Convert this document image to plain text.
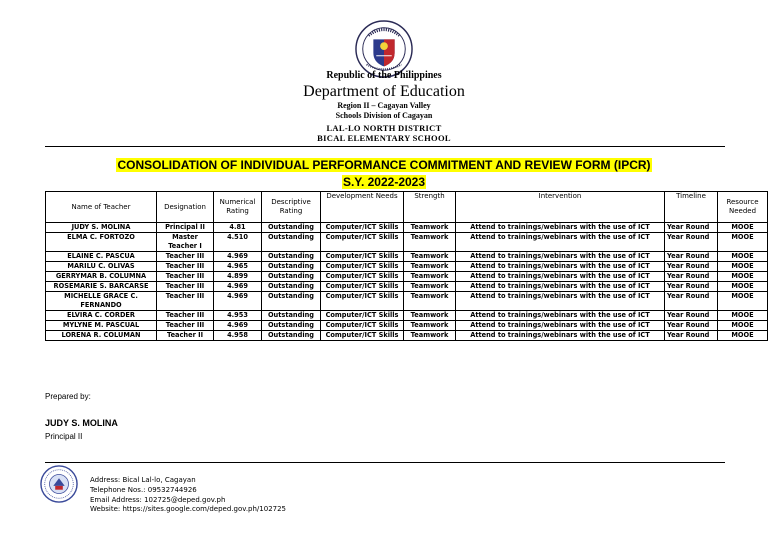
Republic of the Philippines
Department of Education
Region II – Cagayan Valley
Schools Division of Cagayan
LAL-LO NORTH DISTRICT
BICAL ELEMENTARY SCHOOL
CONSOLIDATION OF INDIVIDUAL PERFORMANCE COMMITMENT AND REVIEW FORM (IPCR)
S.Y. 2022-2023
Name of Teacher	Designation	Numerical Rating	Descriptive Rating	Development Needs	Strength	Intervention	Timeline	Resource Needed
JUDY S. MOLINA	Principal II	4.81	Outstanding	Computer/ICT Skills	Teamwork	Attend to trainings/webinars with the use of ICT	Year Round	MOOE
ELMA C. FORTOZO	Master Teacher I	4.510	Outstanding	Computer/ICT Skills	Teamwork	Attend to trainings/webinars with the use of ICT	Year Round	MOOE
ELAINE C. PASCUA	Teacher III	4.969	Outstanding	Computer/ICT Skills	Teamwork	Attend to trainings/webinars with the use of ICT	Year Round	MOOE
MARILU C. OLIVAS	Teacher III	4.965	Outstanding	Computer/ICT Skills	Teamwork	Attend to trainings/webinars with the use of ICT	Year Round	MOOE
GERRYMAR B. COLUMNA	Teacher III	4.899	Outstanding	Computer/ICT Skills	Teamwork	Attend to trainings/webinars with the use of ICT	Year Round	MOOE
ROSEMARIE S. BARCARSE	Teacher III	4.969	Outstanding	Computer/ICT Skills	Teamwork	Attend to trainings/webinars with the use of ICT	Year Round	MOOE
MICHELLE GRACE C. FERNANDO	Teacher III	4.969	Outstanding	Computer/ICT Skills	Teamwork	Attend to trainings/webinars with the use of ICT	Year Round	MOOE
ELVIRA C. CORDER	Teacher III	4.953	Outstanding	Computer/ICT Skills	Teamwork	Attend to trainings/webinars with the use of ICT	Year Round	MOOE
MYLYNE M. PASCUAL	Teacher III	4.969	Outstanding	Computer/ICT Skills	Teamwork	Attend to trainings/webinars with the use of ICT	Year Round	MOOE
LORENA R. COLUMAN	Teacher II	4.958	Outstanding	Computer/ICT Skills	Teamwork	Attend to trainings/webinars with the use of ICT	Year Round	MOOE
Prepared by:
JUDY S. MOLINA
Principal II
Address: Bical Lal-lo, Cagayan
Telephone Nos.: 09532744926
Email Address: 102725@deped.gov.ph
Website: https://sites.google.com/deped.gov.ph/102725
